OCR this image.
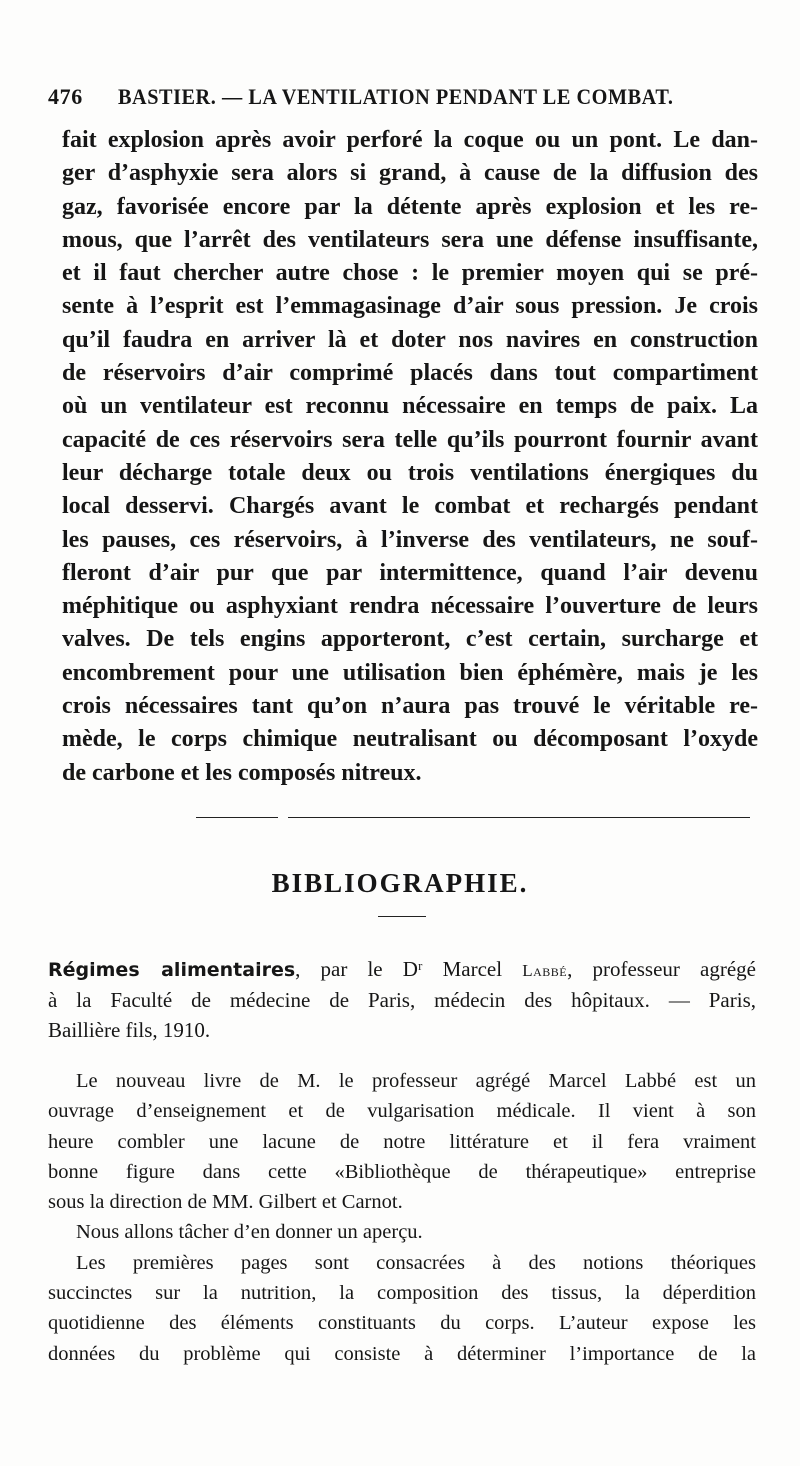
476 BASTIER. — LA VENTILATION PENDANT LE COMBAT.
fait explosion après avoir perforé la coque ou un pont. Le dan-
ger d’asphyxie sera alors si grand, à cause de la diffusion des
gaz, favorisée encore par la détente après explosion et les re-
mous, que l’arrêt des ventilateurs sera une défense insuffisante,
et il faut chercher autre chose : le premier moyen qui se pré-
sente à l’esprit est l’emmagasinage d’air sous pression. Je crois
qu’il faudra en arriver là et doter nos navires en construction
de réservoirs d’air comprimé placés dans tout compartiment
où un ventilateur est reconnu nécessaire en temps de paix. La
capacité de ces réservoirs sera telle qu’ils pourront fournir avant
leur décharge totale deux ou trois ventilations énergiques du
local desservi. Chargés avant le combat et rechargés pendant
les pauses, ces réservoirs, à l’inverse des ventilateurs, ne souf-
fleront d’air pur que par intermittence, quand l’air devenu
méphitique ou asphyxiant rendra nécessaire l’ouverture de leurs
valves. De tels engins apporteront, c’est certain, surcharge et
encombrement pour une utilisation bien éphémère, mais je les
crois nécessaires tant qu’on n’aura pas trouvé le véritable re-
mède, le corps chimique neutralisant ou décomposant l’oxyde
de carbone et les composés nitreux.
BIBLIOGRAPHIE.
Régimes alimentaires, par le Dʳ Marcel Labbé, professeur agrégé
à la Faculté de médecine de Paris, médecin des hôpitaux. — Paris,
Baillière fils, 1910.
Le nouveau livre de M. le professeur agrégé Marcel Labbé est un
ouvrage d’enseignement et de vulgarisation médicale. Il vient à son
heure combler une lacune de notre littérature et il fera vraiment
bonne figure dans cette «Bibliothèque de thérapeutique» entreprise
sous la direction de MM. Gilbert et Carnot.
Nous allons tâcher d’en donner un aperçu.
Les premières pages sont consacrées à des notions théoriques
succinctes sur la nutrition, la composition des tissus, la déperdition
quotidienne des éléments constituants du corps. L’auteur expose les
données du problème qui consiste à déterminer l’importance de la
